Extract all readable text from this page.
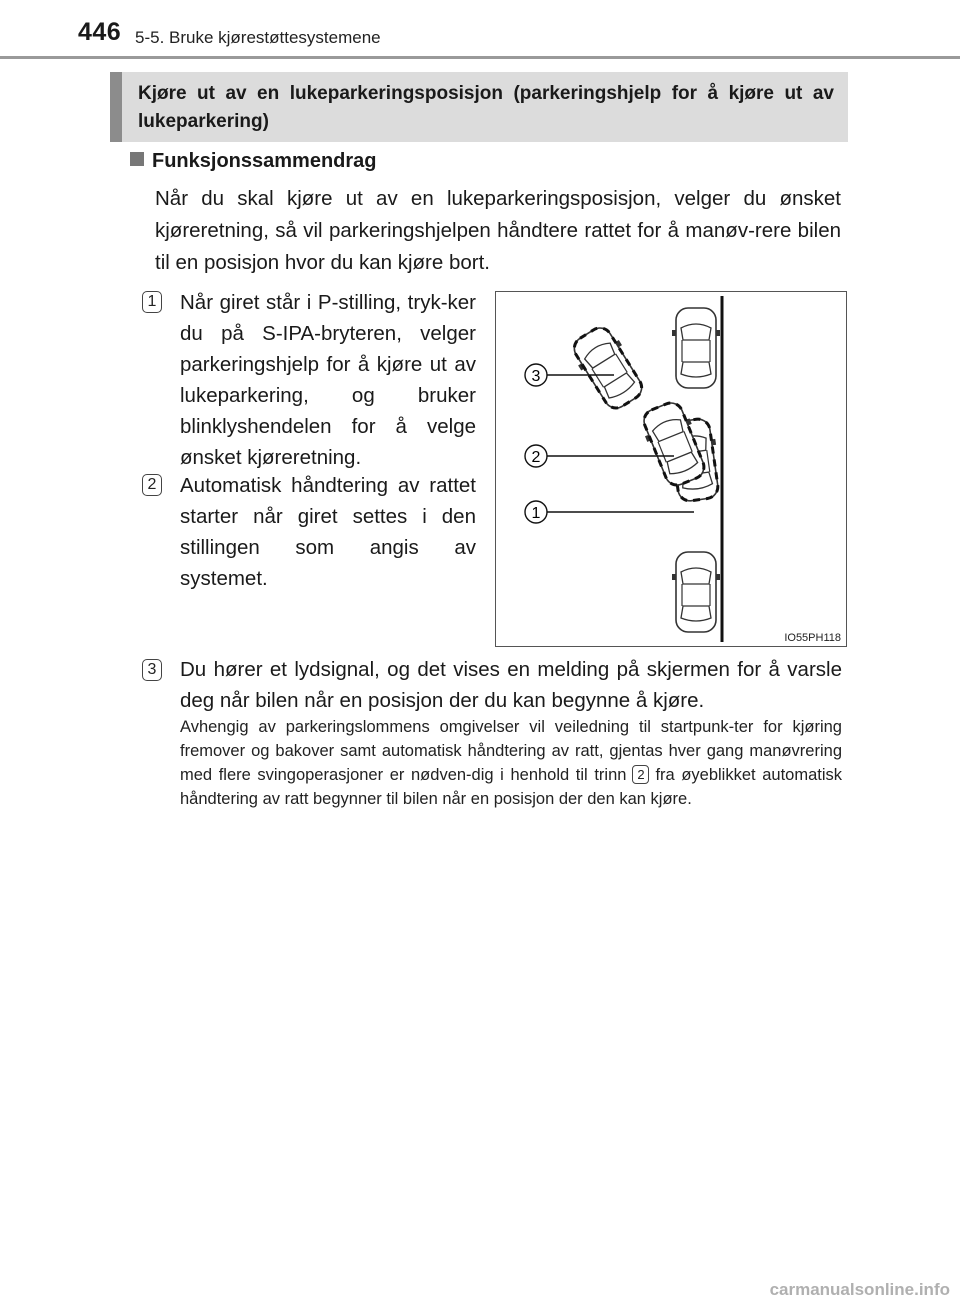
446 5-5. Bruke kjørestøttesystemene
Kjøre ut av en lukeparkeringsposisjon (parkeringshjelp for å kjøre ut av lukeparkering)
Funksjonssammendrag
Når du skal kjøre ut av en lukeparkeringsposisjon, velger du ønsket kjøreretning, så vil parkeringshjelpen håndtere rattet for å manøv-rere bilen til en posisjon hvor du kan kjøre bort.
1 Når giret står i P-stilling, tryk-ker du på S-IPA-bryteren, velger parkeringshjelp for å kjøre ut av lukeparkering, og bruker blinklyshendelen for å velge ønsket kjøreretning.
2 Automatisk håndtering av rattet starter når giret settes i den stillingen som angis av systemet.
3
2
1
IO55PH118
3 Du hører et lydsignal, og det vises en melding på skjermen for å varsle deg når bilen når en posisjon der du kan begynne å kjøre.
Avhengig av parkeringslommens omgivelser vil veiledning til startpunk-ter for kjøring fremover og bakover samt automatisk håndtering av ratt, gjentas hver gang manøvrering med flere svingoperasjoner er nødven-dig i henhold til trinn 2 fra øyeblikket automatisk håndtering av ratt begynner til bilen når en posisjon der den kan kjøre.
carmanualsonline.info
